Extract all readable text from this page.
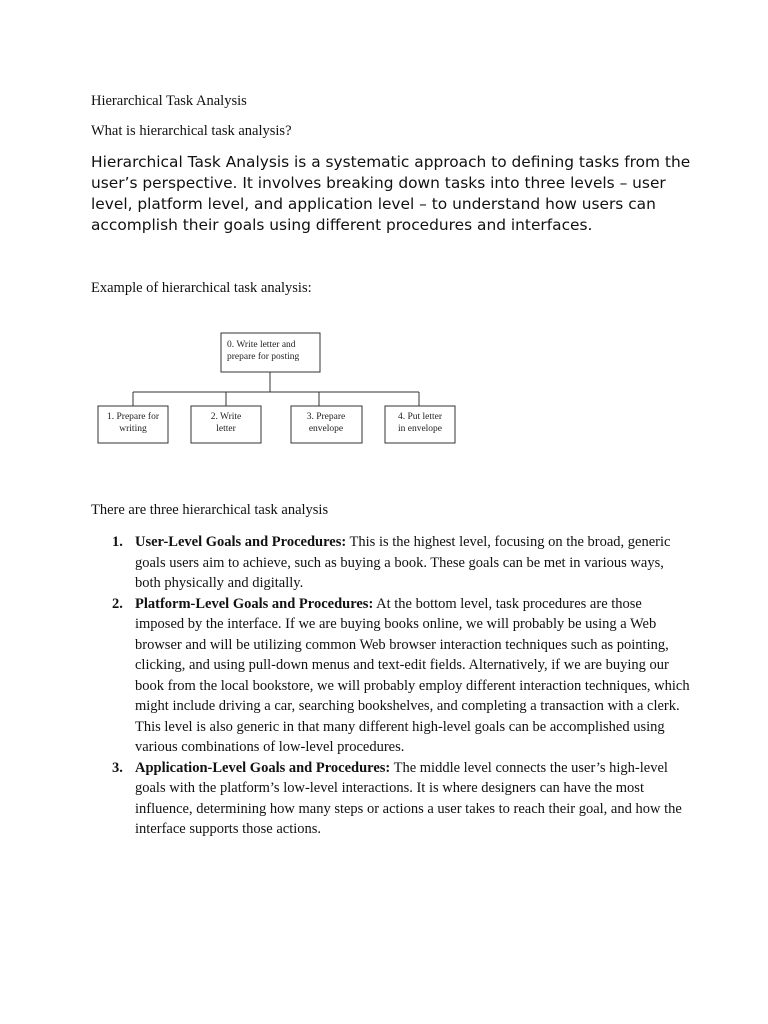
Hierarchical Task Analysis
What is hierarchical task analysis?
Hierarchical Task Analysis is a systematic approach to defining tasks from the user’s perspective. It involves breaking down tasks into three levels – user level, platform level, and application level – to understand how users can accomplish their goals using different procedures and interfaces.
Example of hierarchical task analysis:
0. Write letter and
prepare for posting
1. Prepare for
writing
2. Write
letter
3. Prepare
envelope
4. Put letter
in envelope
There are three hierarchical task analysis
1. User-Level Goals and Procedures: This is the highest level, focusing on the broad, generic goals users aim to achieve, such as buying a book. These goals can be met in various ways, both physically and digitally.
2. Platform-Level Goals and Procedures: At the bottom level, task procedures are those imposed by the interface. If we are buying books online, we will probably be using a Web browser and will be utilizing common Web browser interaction techniques such as pointing, clicking, and using pull-down menus and text-edit fields. Alternatively, if we are buying our book from the local bookstore, we will probably employ different interaction techniques, which might include driving a car, searching bookshelves, and completing a transaction with a clerk. This level is also generic in that many different high-level goals can be accomplished using various combinations of low-level procedures.
3. Application-Level Goals and Procedures: The middle level connects the user’s high-level goals with the platform’s low-level interactions. It is where designers can have the most influence, determining how many steps or actions a user takes to reach their goal, and how the interface supports those actions.
